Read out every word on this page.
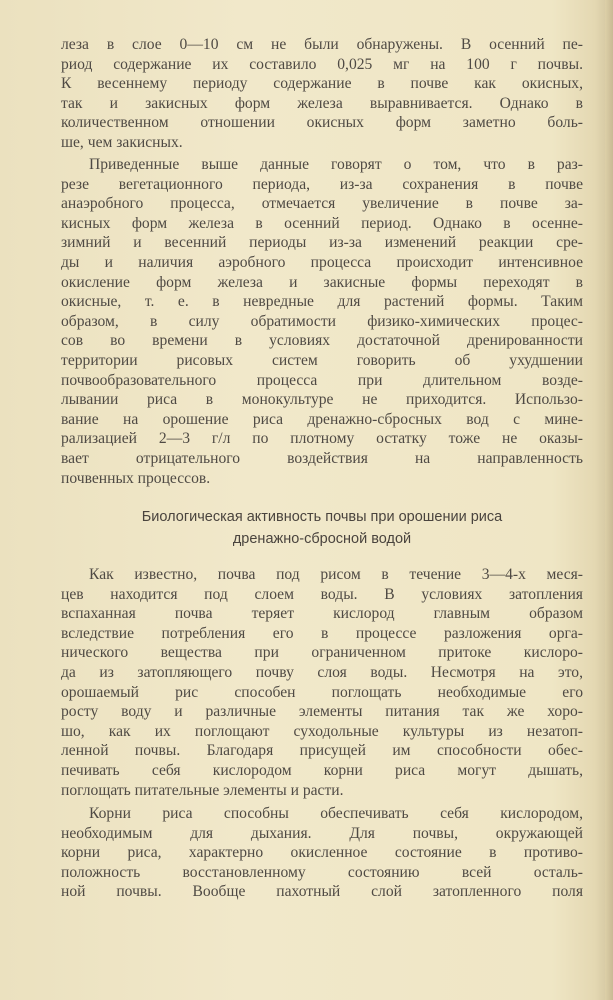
леза в слое 0—10 см не были обнаружены. В осенний пе-
риод содержание их составило 0,025 мг на 100 г почвы.
К весеннему периоду содержание в почве как окисных,
так и закисных форм железа выравнивается. Однако в
количественном отношении окисных форм заметно боль-
ше, чем закисных.
Приведенные выше данные говорят о том, что в раз-
резе вегетационного периода, из-за сохранения в почве
анаэробного процесса, отмечается увеличение в почве за-
кисных форм железа в осенний период. Однако в осенне-
зимний и весенний периоды из-за изменений реакции сре-
ды и наличия аэробного процесса происходит интенсивное
окисление форм железа и закисные формы переходят в
окисные, т. е. в невредные для растений формы. Таким
образом, в силу обратимости физико-химических процес-
сов во времени в условиях достаточной дренированности
территории рисовых систем говорить об ухудшении
почвообразовательного процесса при длительном возде-
лывании риса в монокультуре не приходится. Использо-
вание на орошение риса дренажно-сбросных вод с мине-
рализацией 2—3 г/л по плотному остатку тоже не оказы-
вает отрицательного воздействия на направленность
почвенных процессов.
Биологическая активность почвы при орошении риса
дренажно-сбросной водой
Как известно, почва под рисом в течение 3—4-х меся-
цев находится под слоем воды. В условиях затопления
вспаханная почва теряет кислород главным образом
вследствие потребления его в процессе разложения орга-
нического вещества при ограниченном притоке кислоро-
да из затопляющего почву слоя воды. Несмотря на это,
орошаемый рис способен поглощать необходимые его
росту воду и различные элементы питания так же хоро-
шо, как их поглощают суходольные культуры из незатоп-
ленной почвы. Благодаря присущей им способности обес-
печивать себя кислородом корни риса могут дышать,
поглощать питательные элементы и расти.
Корни риса способны обеспечивать себя кислородом,
необходимым для дыхания. Для почвы, окружающей
корни риса, характерно окисленное состояние в противо-
положность восстановленному состоянию всей осталь-
ной почвы. Вообще пахотный слой затопленного поля
